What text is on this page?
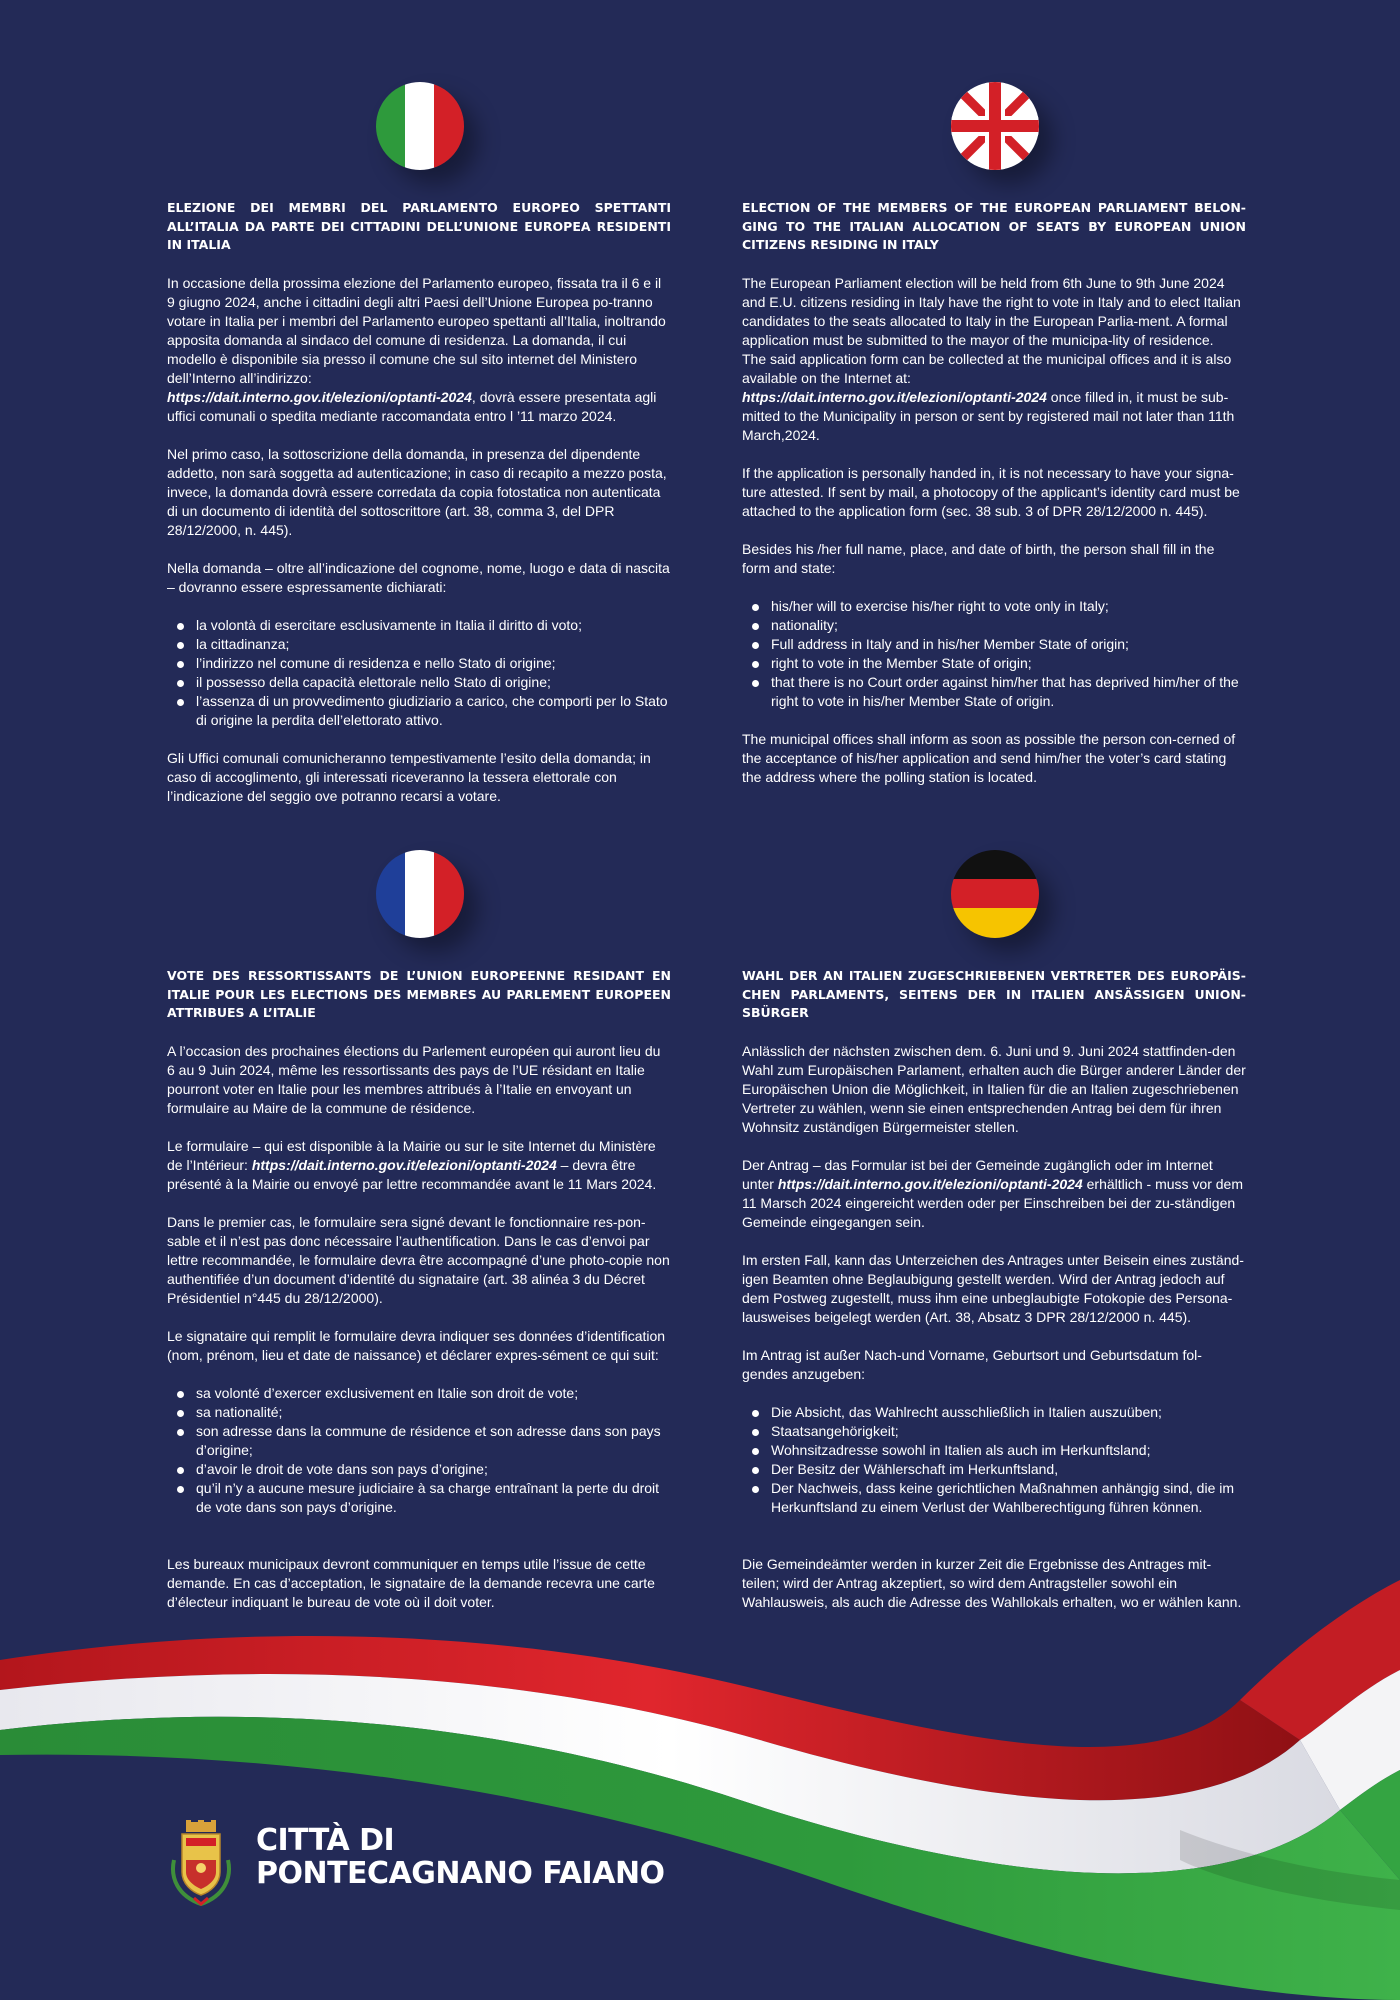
ELEZIONE DEI MEMBRI DEL PARLAMENTO EUROPEO SPETTANTI ALL’ITALIA DA PARTE DEI CITTADINI DELL’UNIONE EUROPEA RESIDENTI IN ITALIA

In occasione della prossima elezione del Parlamento europeo, fissata tra il 6 e il 9 giugno 2024, anche i cittadini degli altri Paesi dell’Unione Europea po-tranno votare in Italia per i membri del Parlamento europeo spettanti all’Italia, inoltrando apposita domanda al sindaco del comune di residenza. La domanda, il cui modello è disponibile sia presso il comune che sul sito internet del Ministero dell’Interno all’indirizzo:
https://dait.interno.gov.it/elezioni/optanti-2024, dovrà essere presentata agli uffici comunali o spedita mediante raccomandata entro l ’11 marzo 2024.

Nel primo caso, la sottoscrizione della domanda, in presenza del dipendente addetto, non sarà soggetta ad autenticazione; in caso di recapito a mezzo posta, invece, la domanda dovrà essere corredata da copia fotostatica non autenticata di un documento di identità del sottoscrittore (art. 38, comma 3, del DPR 28/12/2000, n. 445).

Nella domanda – oltre all’indicazione del cognome, nome, luogo e data di nascita – dovranno essere espressamente dichiarati:

la volontà di esercitare esclusivamente in Italia il diritto di voto;
la cittadinanza;
l’indirizzo nel comune di residenza e nello Stato di origine;
il possesso della capacità elettorale nello Stato di origine;
l’assenza di un provvedimento giudiziario a carico, che comporti per lo Stato di origine la perdita dell’elettorato attivo.

Gli Uffici comunali comunicheranno tempestivamente l’esito della domanda; in caso di accoglimento, gli interessati riceveranno la tessera elettorale con l’indicazione del seggio ove potranno recarsi a votare.

ELECTION OF THE MEMBERS OF THE EUROPEAN PARLIAMENT BELON-GING TO THE ITALIAN ALLOCATION OF SEATS BY EUROPEAN UNION CITIZENS RESIDING IN ITALY

The European Parliament election will be held from 6th June to 9th June 2024 and E.U. citizens residing in Italy have the right to vote in Italy and to elect Italian candidates to the seats allocated to Italy in the European Parlia-ment. A formal application must be submitted to the mayor of the municipa-lity of residence.

The said application form can be collected at the municipal offices and it is also available on the Internet at:
https://dait.interno.gov.it/elezioni/optanti-2024 once filled in, it must be sub-mitted to the Municipality in person or sent by registered mail not later than 11th March,2024.

If the application is personally handed in, it is not necessary to have your signa-ture attested. If sent by mail, a photocopy of the applicant’s identity card must be attached to the application form (sec. 38 sub. 3 of DPR 28/12/2000 n. 445).

Besides his /her full name, place, and date of birth, the person shall fill in the form and state:

his/her will to exercise his/her right to vote only in Italy;
nationality;
Full address in Italy and in his/her Member State of origin;
right to vote in the Member State of origin;
that there is no Court order against him/her that has deprived him/her of the right to vote in his/her Member State of origin.

The municipal offices shall inform as soon as possible the person con-cerned of the acceptance of his/her application and send him/her the voter’s card stating the address where the polling station is located.

VOTE DES RESSORTISSANTS DE L’UNION EUROPEENNE RESIDANT EN ITALIE POUR LES ELECTIONS DES MEMBRES AU PARLEMENT EUROPEEN ATTRIBUES A L’ITALIE

A l’occasion des prochaines élections du Parlement européen qui auront lieu du 6 au 9 Juin 2024, même les ressortissants des pays de l’UE résidant en Italie pourront voter en Italie pour les membres attribués à l’Italie en envoyant un formulaire au Maire de la commune de résidence.

Le formulaire – qui est disponible à la Mairie ou sur le site Internet du Ministère de l’Intérieur: https://dait.interno.gov.it/elezioni/optanti-2024 – devra être présenté à la Mairie ou envoyé par lettre recommandée avant le 11 Mars 2024.

Dans le premier cas, le formulaire sera signé devant le fonctionnaire res-pon-sable et il n’est pas donc nécessaire l’authentification. Dans le cas d’envoi par lettre recommandée, le formulaire devra être accompagné d’une photo-copie non authentifiée d’un document d’identité du signataire (art. 38 alinéa 3 du Décret Présidentiel n°445 du 28/12/2000).

Le signataire qui remplit le formulaire devra indiquer ses données d’identification (nom, prénom, lieu et date de naissance) et déclarer expres-sément ce qui suit:

sa volonté d’exercer exclusivement en Italie son droit de vote;
sa nationalité;
son adresse dans la commune de résidence et son adresse dans son pays d’origine;
d’avoir le droit de vote dans son pays d’origine;
qu’il n’y a aucune mesure judiciaire à sa charge entraînant la perte du droit de vote dans son pays d’origine.

Les bureaux municipaux devront communiquer en temps utile l’issue de cette demande. En cas d’acceptation, le signataire de la demande recevra une carte d’électeur indiquant le bureau de vote où il doit voter.

WAHL DER AN ITALIEN ZUGESCHRIEBENEN VERTRETER DES EUROPÄIS-CHEN PARLAMENTS, SEITENS DER IN ITALIEN ANSÄSSIGEN UNION-SBÜRGER

Anlässlich der nächsten zwischen dem. 6. Juni und 9. Juni 2024 stattfinden-den Wahl zum Europäischen Parlament, erhalten auch die Bürger anderer Länder der Europäischen Union die Möglichkeit, in Italien für die an Italien zugeschriebenen Vertreter zu wählen, wenn sie einen entsprechenden Antrag bei dem für ihren Wohnsitz zuständigen Bürgermeister stellen.

Der Antrag – das Formular ist bei der Gemeinde zugänglich oder im Internet unter https://dait.interno.gov.it/elezioni/optanti-2024 erhältlich - muss vor dem 11 Marsch 2024 eingereicht werden oder per Einschreiben bei der zu-ständigen Gemeinde eingegangen sein.

Im ersten Fall, kann das Unterzeichen des Antrages unter Beisein eines zuständ-igen Beamten ohne Beglaubigung gestellt werden. Wird der Antrag jedoch auf dem Postweg zugestellt, muss ihm eine unbeglaubigte Fotokopie des Persona-lausweises beigelegt werden (Art. 38, Absatz 3 DPR 28/12/2000 n. 445).

Im Antrag ist außer Nach-und Vorname, Geburtsort und Geburtsdatum fol-gendes anzugeben:

Die Absicht, das Wahlrecht ausschließlich in Italien auszuüben;
Staatsangehörigkeit;
Wohnsitzadresse sowohl in Italien als auch im Herkunftsland;
Der Besitz der Wählerschaft im Herkunftsland,
Der Nachweis, dass keine gerichtlichen Maßnahmen anhängig sind, die im Herkunftsland zu einem Verlust der Wahlberechtigung führen können.

Die Gemeindeämter werden in kurzer Zeit die Ergebnisse des Antrages mit-teilen; wird der Antrag akzeptiert, so wird dem Antragsteller sowohl ein Wahlausweis, als auch die Adresse des Wahllokals erhalten, wo er wählen kann.

CITTÀ DI
PONTECAGNANO FAIANO
